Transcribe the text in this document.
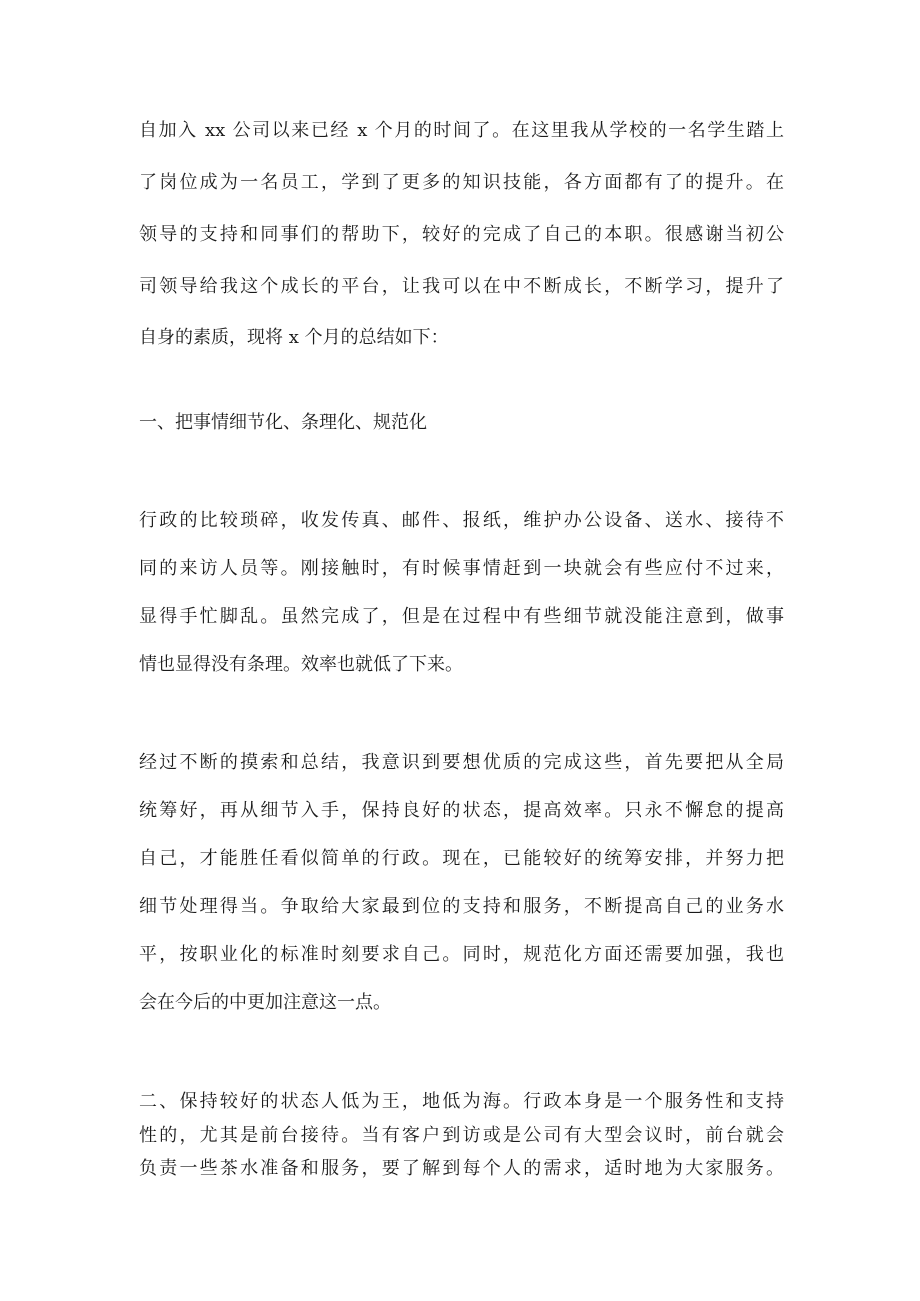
自加入 xx 公司以来已经 x 个月的时间了。在这里我从学校的一名学生踏上
了岗位成为一名员工，学到了更多的知识技能，各方面都有了的提升。在
领导的支持和同事们的帮助下，较好的完成了自己的本职。很感谢当初公
司领导给我这个成长的平台，让我可以在中不断成长，不断学习，提升了
自身的素质，现将 x 个月的总结如下：
一、把事情细节化、条理化、规范化
行政的比较琐碎，收发传真、邮件、报纸，维护办公设备、送水、接待不
同的来访人员等。刚接触时，有时候事情赶到一块就会有些应付不过来，
显得手忙脚乱。虽然完成了，但是在过程中有些细节就没能注意到，做事
情也显得没有条理。效率也就低了下来。
经过不断的摸索和总结，我意识到要想优质的完成这些，首先要把从全局
统筹好，再从细节入手，保持良好的状态，提高效率。只永不懈怠的提高
自己，才能胜任看似简单的行政。现在，已能较好的统筹安排，并努力把
细节处理得当。争取给大家最到位的支持和服务，不断提高自己的业务水
平，按职业化的标准时刻要求自己。同时，规范化方面还需要加强，我也
会在今后的中更加注意这一点。
二、保持较好的状态人低为王，地低为海。行政本身是一个服务性和支持
性的，尤其是前台接待。当有客户到访或是公司有大型会议时，前台就会
负责一些茶水准备和服务，要了解到每个人的需求，适时地为大家服务。
